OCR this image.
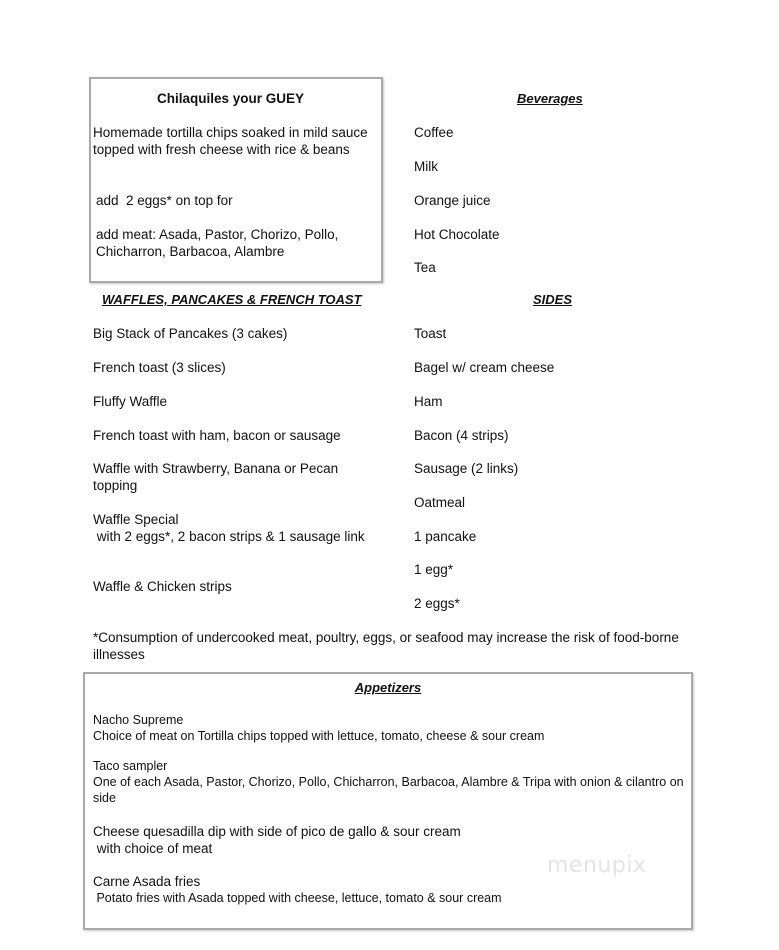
Chilaquiles your GUEY
Homemade tortilla chips soaked in mild sauce topped with fresh cheese with rice & beans
add  2 eggs* on top for
add meat: Asada, Pastor, Chorizo, Pollo, Chicharron, Barbacoa, Alambre
Beverages
Coffee
Milk
Orange juice
Hot Chocolate
Tea
WAFFLES, PANCAKES & FRENCH TOAST
Big Stack of Pancakes (3 cakes)
French toast (3 slices)
Fluffy Waffle
French toast with ham, bacon or sausage
Waffle with Strawberry, Banana or Pecan topping
Waffle Special
with 2 eggs*, 2 bacon strips & 1 sausage link
Waffle & Chicken strips
SIDES
Toast
Bagel w/ cream cheese
Ham
Bacon (4 strips)
Sausage (2 links)
Oatmeal
1 pancake
1 egg*
2 eggs*
*Consumption of undercooked meat, poultry, eggs, or seafood may increase the risk of food-borne illnesses
Appetizers
Nacho Supreme
Choice of meat on Tortilla chips topped with lettuce, tomato, cheese & sour cream
Taco sampler
One of each Asada, Pastor, Chorizo, Pollo, Chicharron, Barbacoa, Alambre & Tripa with onion & cilantro on side
Cheese quesadilla dip with side of pico de gallo & sour cream
with choice of meat
Carne Asada fries
Potato fries with Asada topped with cheese, lettuce, tomato & sour cream
menupix
